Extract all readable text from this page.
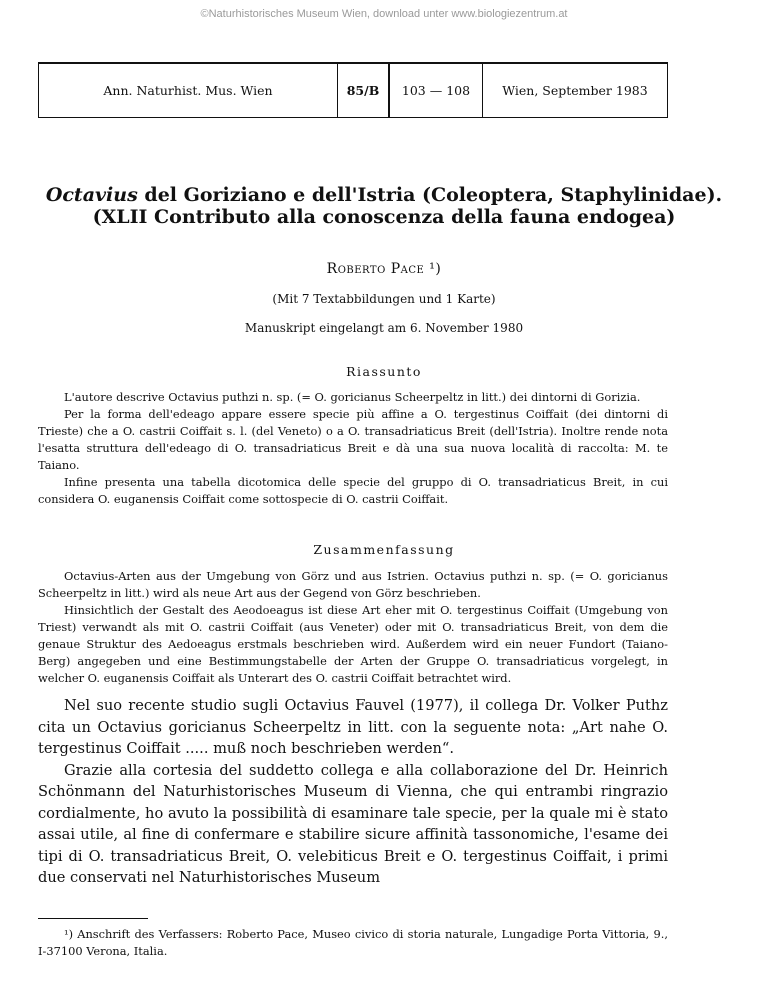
©Naturhistorisches Museum Wien, download unter www.biologiezentrum.at
Ann. Naturhist. Mus. Wien	85/B	103 — 108	Wien, September 1983
Octavius del Goriziano e dell'Istria (Coleoptera, Staphylinidae).
(XLII Contributo alla conoscenza della fauna endogea)
Roberto Pace ¹)
(Mit 7 Textabbildungen und 1 Karte)
Manuskript eingelangt am 6. November 1980
Riassunto

L'autore descrive Octavius puthzi n. sp. (= O. goricianus Scheerpeltz in litt.) dei dintorni di Gorizia.

Per la forma dell'edeago appare essere specie più affine a O. tergestinus Coiffait (dei dintorni di Trieste) che a O. castrii Coiffait s. l. (del Veneto) o a O. transadriaticus Breit (dell'Istria). Inoltre rende nota l'esatta struttura dell'edeago di O. transadriaticus Breit e dà una sua nuova località di raccolta: M. te Taiano.

Infine presenta una tabella dicotomica delle specie del gruppo di O. transadriaticus Breit, in cui considera O. euganensis Coiffait come sottospecie di O. castrii Coiffait.

Zusammenfassung

Octavius-Arten aus der Umgebung von Görz und aus Istrien. Octavius puthzi n. sp. (= O. goricianus Scheerpeltz in litt.) wird als neue Art aus der Gegend von Görz beschrieben.

Hinsichtlich der Gestalt des Aeodoeagus ist diese Art eher mit O. tergestinus Coiffait (Umgebung von Triest) verwandt als mit O. castrii Coiffait (aus Veneter) oder mit O. transadriaticus Breit, von dem die genaue Struktur des Aedoeagus erstmals beschrieben wird. Außerdem wird ein neuer Fundort (Taiano-Berg) angegeben und eine Bestimmungstabelle der Arten der Gruppe O. transadriaticus vorgelegt, in welcher O. euganensis Coiffait als Unterart des O. castrii Coiffait betrachtet wird.

Nel suo recente studio sugli Octavius Fauvel (1977), il collega Dr. Volker Puthz cita un Octavius goricianus Scheerpeltz in litt. con la seguente nota: „Art nahe O. tergestinus Coiffait ..... muß noch beschrieben werden“.

Grazie alla cortesia del suddetto collega e alla collaborazione del Dr. Heinrich Schönmann del Naturhistorisches Museum di Vienna, che qui entrambi ringrazio cordialmente, ho avuto la possibilità di esaminare tale specie, per la quale mi è stato assai utile, al fine di confermare e stabilire sicure affinità tassonomiche, l'esame dei tipi di O. transadriaticus Breit, O. velebiticus Breit e O. tergestinus Coiffait, i primi due conservati nel Naturhistorisches Museum

¹) Anschrift des Verfassers: Roberto Pace, Museo civico di storia naturale, Lungadige Porta Vittoria, 9., I-37100 Verona, Italia.
